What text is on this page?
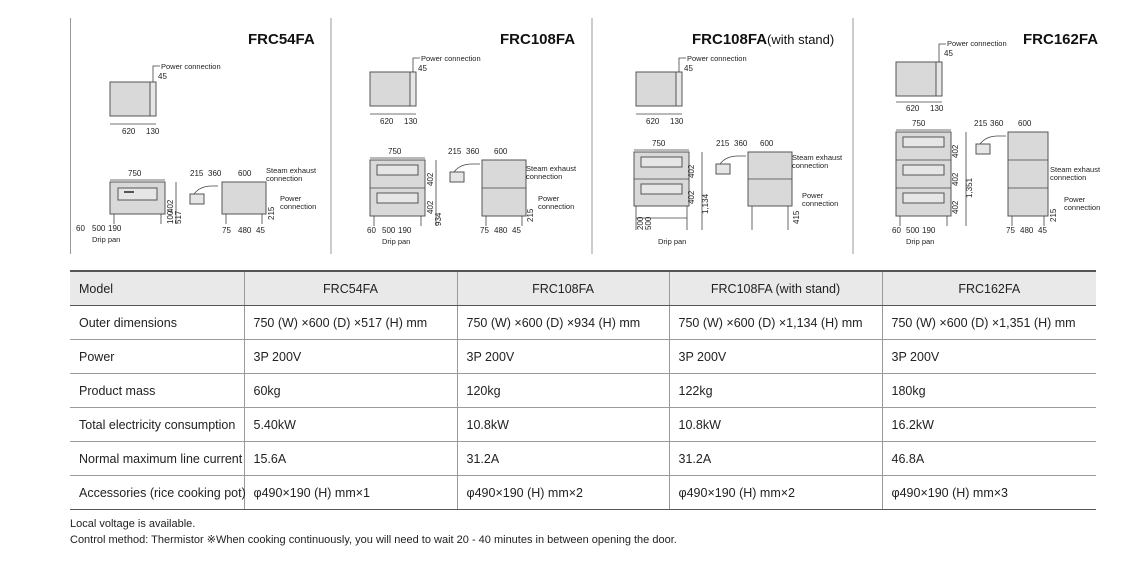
FRC54FA
Power connection
45
620 130
750
60 500 190
Drip pan
402
100 517
215 360 600 Steam exhaust
connection
Power
connection
215
75 480 45
FRC108FA
Power connection
45
620 130
750
60 500 190
Drip pan
402
402
934
215 360 600
Steam exhaust
connection
Power
connection
215
75 480 45
FRC108FA(with stand)
Power connection
45
620 130
750
402
402 1,134
200 500
Drip pan
215 360 600
Steam exhaust
connection
Power
connection
415
FRC162FA
Power connection
45
620 130
750
60 500 190
Drip pan
402
402
402
1,351
215 360 600
Steam exhaust
connection
Power
connection
215
75 480 45
Model	FRC54FA	FRC108FA	FRC108FA (with stand)	FRC162FA
Outer dimensions	750 (W) ×600 (D) ×517 (H) mm	750 (W) ×600 (D) ×934 (H) mm	750 (W) ×600 (D) ×1,134 (H) mm	750 (W) ×600 (D) ×1,351 (H) mm
Power	3P 200V	3P 200V	3P 200V	3P 200V
Product mass	60kg	120kg	122kg	180kg
Total electricity consumption	5.40kW	10.8kW	10.8kW	16.2kW
Normal maximum line current	15.6A	31.2A	31.2A	46.8A
Accessories (rice cooking pot)	φ490×190 (H) mm×1	φ490×190 (H) mm×2	φ490×190 (H) mm×2	φ490×190 (H) mm×3
Local voltage is available.
Control method: Thermistor ※When cooking continuously, you will need to wait 20 - 40 minutes in between opening the door.
